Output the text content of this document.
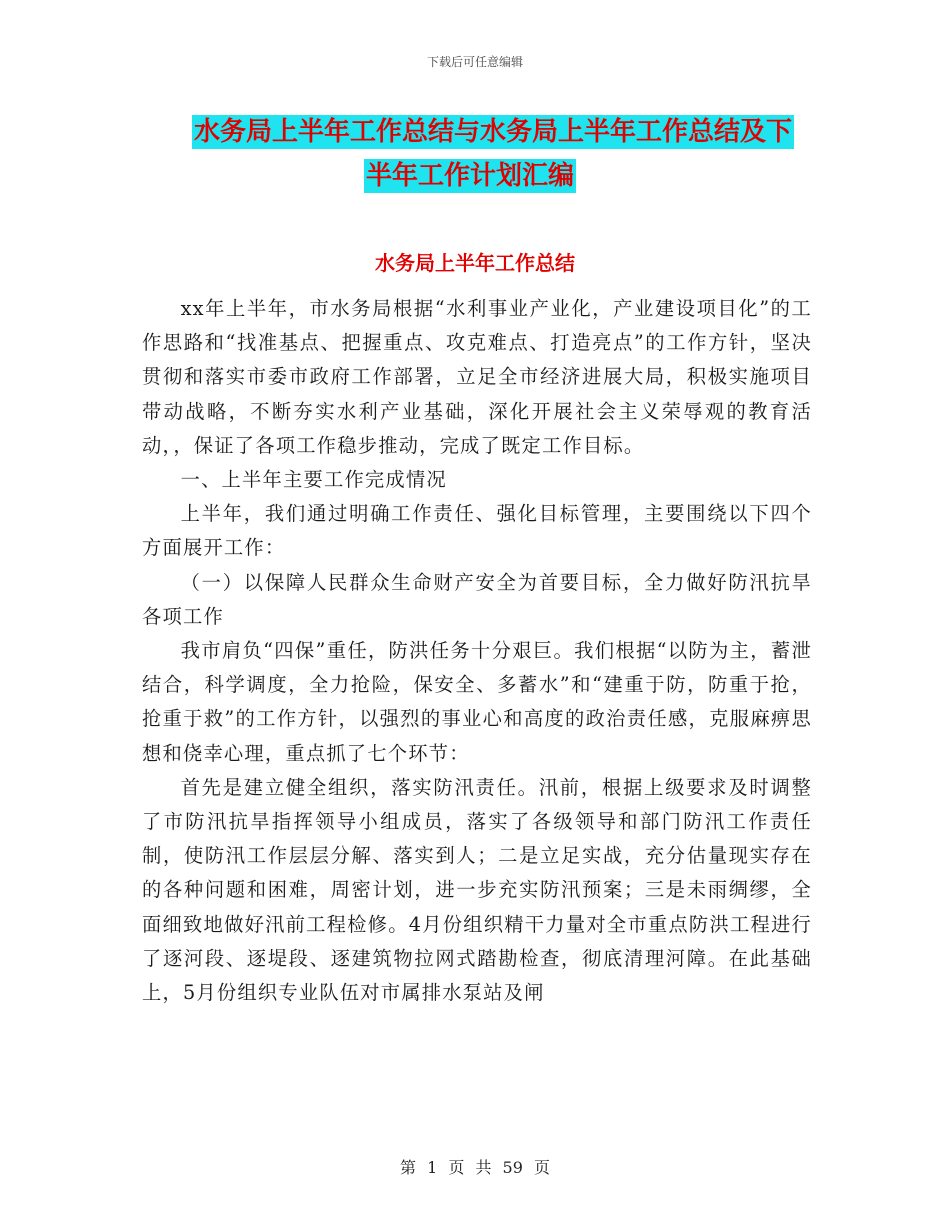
下载后可任意编辑
水务局上半年工作总结与水务局上半年工作总结及下
半年工作计划汇编
水务局上半年工作总结

xx年上半年，市水务局根据“水利事业产业化，产业建设项目化”的工作思路和“找准基点、把握重点、攻克难点、打造亮点”的工作方针，坚决贯彻和落实市委市政府工作部署，立足全市经济进展大局，积极实施项目带动战略，不断夯实水利产业基础，深化开展社会主义荣辱观的教育活动，，保证了各项工作稳步推动，完成了既定工作目标。

一、上半年主要工作完成情况

上半年，我们通过明确工作责任、强化目标管理，主要围绕以下四个方面展开工作：

（一）以保障人民群众生命财产安全为首要目标，全力做好防汛抗旱各项工作

我市肩负“四保”重任，防洪任务十分艰巨。我们根据“以防为主，蓄泄结合，科学调度，全力抢险，保安全、多蓄水”和“建重于防，防重于抢，抢重于救”的工作方针，以强烈的事业心和高度的政治责任感，克服麻痹思想和侥幸心理，重点抓了七个环节：

首先是建立健全组织，落实防汛责任。汛前，根据上级要求及时调整了市防汛抗旱指挥领导小组成员，落实了各级领导和部门防汛工作责任制，使防汛工作层层分解、落实到人；二是立足实战，充分估量现实存在的各种问题和困难，周密计划，进一步充实防汛预案；三是未雨绸缪，全面细致地做好汛前工程检修。4月份组织精干力量对全市重点防洪工程进行了逐河段、逐堤段、逐建筑物拉网式踏勘检查，彻底清理河障。在此基础上，5月份组织专业队伍对市属排水泵站及闸

第 1 页 共 59 页
